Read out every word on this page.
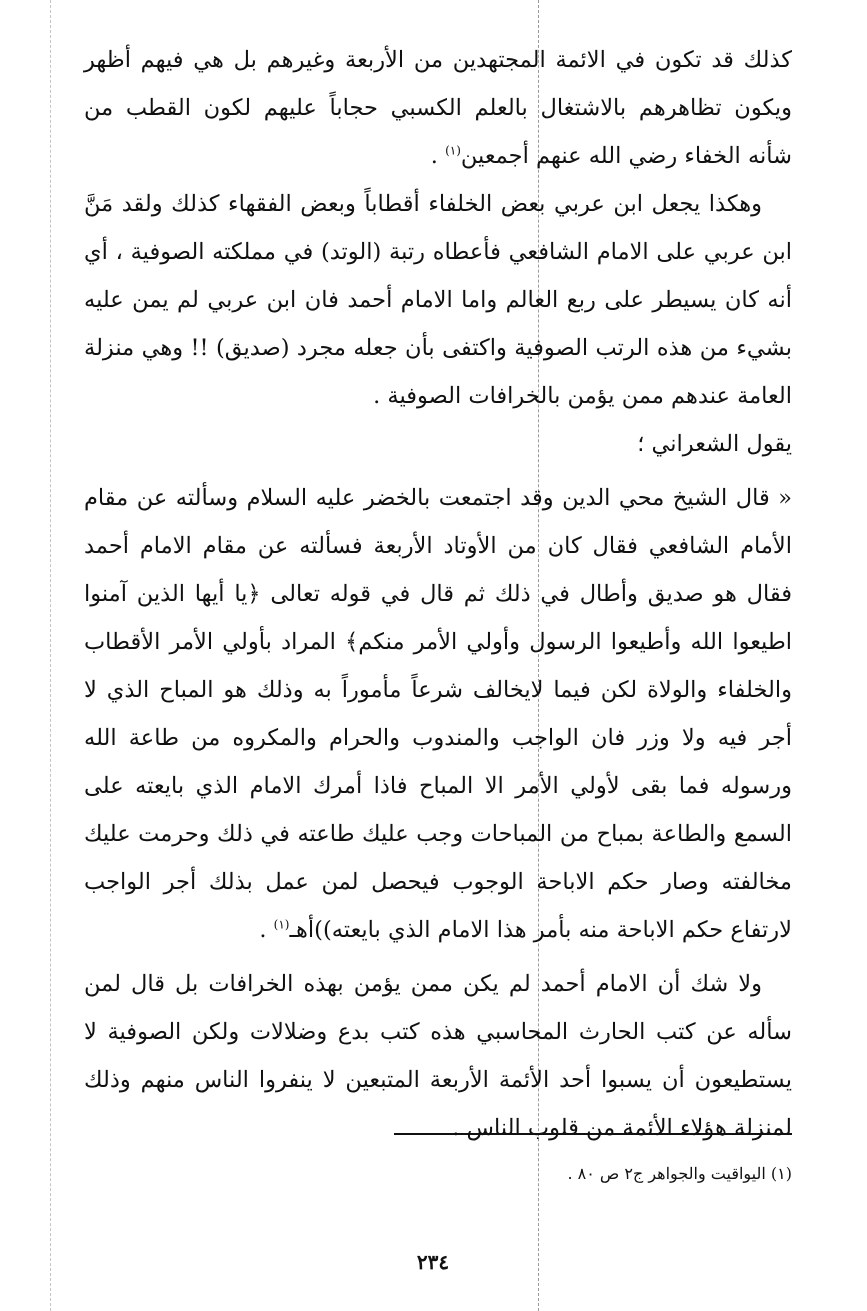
كذلك قد تكون في الائمة المجتهدين من الأربعة وغيرهم بل هي فيهم أظهر ويكون تظاهرهم بالاشتغال بالعلم الكسبي حجاباً عليهم لكون القطب من شأنه الخفاء رضي الله عنهم أجمعين$^{(١)}$ .

وهكذا يجعل ابن عربي بعض الخلفاء أقطاباً وبعض الفقهاء كذلك ولقد مَنَّ ابن عربي على الامام الشافعي فأعطاه رتبة (الوتد) في مملكته الصوفية ، أي أنه كان يسيطر على ربع العالم واما الامام أحمد فان ابن عربي لم يمن عليه بشيء من هذه الرتب الصوفية واكتفى بأن جعله مجرد (صديق) !! وهي منزلة العامة عندهم ممن يؤمن بالخرافات الصوفية .

يقول الشعراني ؛

« قال الشيخ محي الدين وقد اجتمعت بالخضر عليه السلام وسألته عن مقام الأمام الشافعي فقال كان من الأوتاد الأربعة فسألته عن مقام الامام أحمد فقال هو صديق وأطال في ذلك ثم قال في قوله تعالى ﴿يا أيها الذين آمنوا اطيعوا الله وأطيعوا الرسول وأولي الأمر منكم﴾ المراد بأولي الأمر الأقطاب والخلفاء والولاة لكن فيما لايخالف شرعاً مأموراً به وذلك هو المباح الذي لا أجر فيه ولا وزر فان الواجب والمندوب والحرام والمكروه من طاعة الله ورسوله فما بقى لأولي الأمر الا المباح فاذا أمرك الامام الذي بايعته على السمع والطاعة بمباح من المباحات وجب عليك طاعته في ذلك وحرمت عليك مخالفته وصار حكم الاباحة الوجوب فيحصل لمن عمل بذلك أجر الواجب لارتفاع حكم الاباحة منه بأمر هذا الامام الذي بايعته))أهـ$^{(١)}$ .

ولا شك أن الامام أحمد لم يكن ممن يؤمن بهذه الخرافات بل قال لمن سأله عن كتب الحارث المحاسبي هذه كتب بدع وضلالات ولكن الصوفية لا يستطيعون أن يسبوا أحد الأئمة الأربعة المتبعين لا ينفروا الناس منهم وذلك لمنزلة هؤلاء الأئمة من قلوب الناس .

(١) اليواقيت والجواهر ج٢ ص ٨٠ .
٢٣٤
